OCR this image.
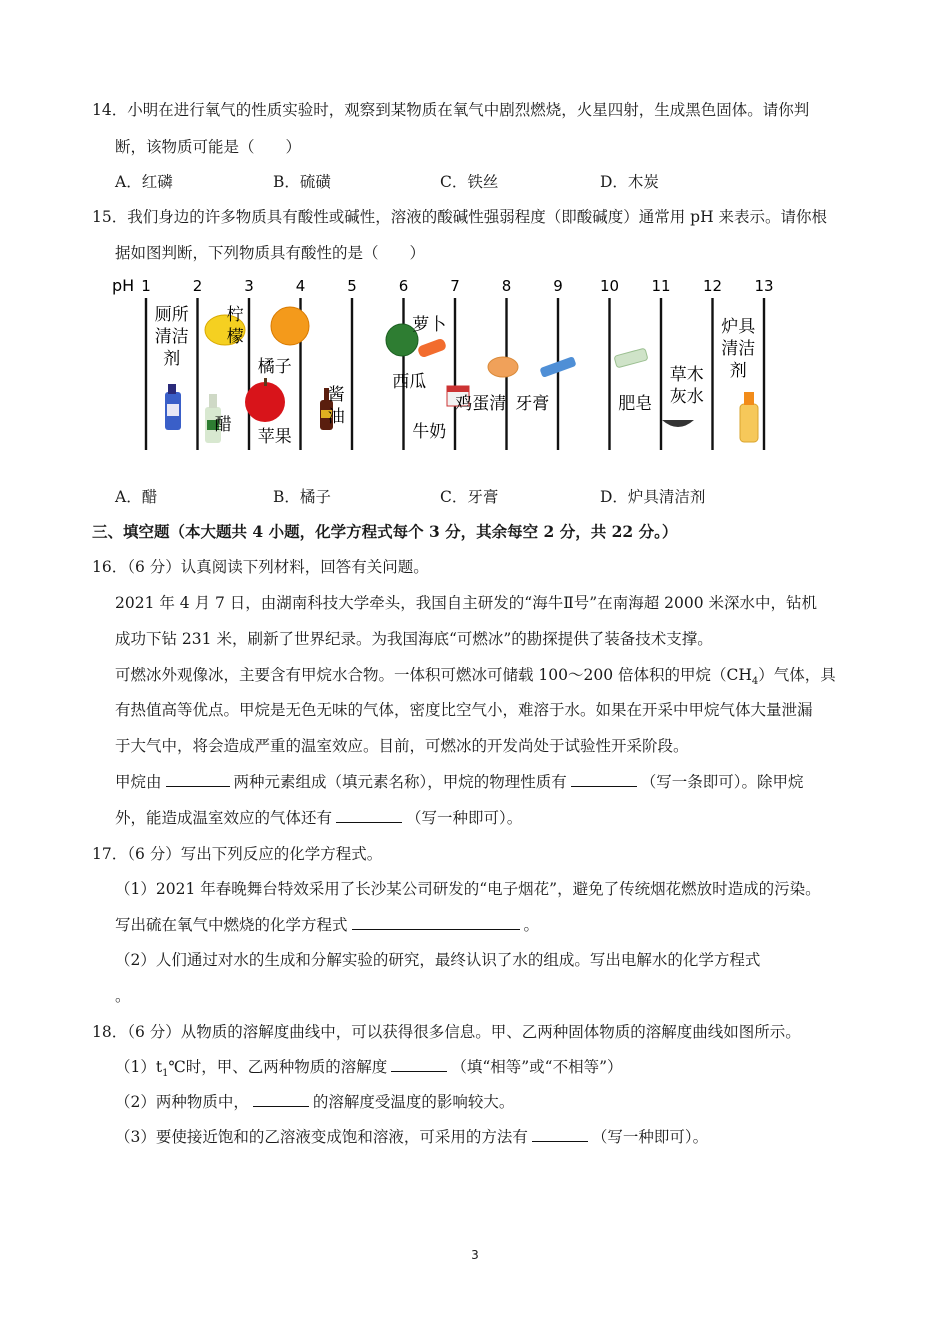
14．小明在进行氧气的性质实验时，观察到某物质在氧气中剧烈燃烧，火星四射，生成黑色固体。请你判
断，该物质可能是（　　）
A．红磷	B．硫磺	C．铁丝	D．木炭
15．我们身边的许多物质具有酸性或碱性，溶液的酸碱性强弱程度（即酸碱度）通常用 pH 来表示。请你根
据如图判断，下列物质具有酸性的是（　　）
pH 1	2	3	4	5	6	7	8	9 10 11 12 13
厕所清洁剂
醋
柠檬
苹果
橘子
酱油
西瓜
萝卜
牛奶
鸡蛋清 牙膏	肥皂
草木灰水
炉具清洁剂
A．醋	B．橘子	C．牙膏	D．炉具清洁剂
三、填空题（本大题共 4 小题，化学方程式每个 3 分，其余每空 2 分，共 22 分。）
16．（6 分）认真阅读下列材料，回答有关问题。
2021 年 4 月 7 日，由湖南科技大学牵头，我国自主研发的“海牛Ⅱ号”在南海超 2000 米深水中，钻机
成功下钻 231 米，刷新了世界纪录。为我国海底“可燃冰”的勘探提供了装备技术支撑。
可燃冰外观像冰，主要含有甲烷水合物。一体积可燃冰可储载 100～200 倍体积的甲烷$(CH_4)$气体，具
有热值高等优点。甲烷是无色无味的气体，密度比空气小，难溶于水。如果在开采中甲烷气体大量泄漏
于大气中，将会造成严重的温室效应。目前，可燃冰的开发尚处于试验性开采阶段。
甲烷由	两种元素组成（填元素名称），甲烷的物理性质有	（写一条即可）。除甲烷
外，能造成温室效应的气体还有	（写一种即可）。
17．（6 分）写出下列反应的化学方程式。
（1）2021 年春晚舞台特效采用了长沙某公司研发的“电子烟花”，避免了传统烟花燃放时造成的污染。
写出硫在氧气中燃烧的化学方程式	。
（2）人们通过对水的生成和分解实验的研究，最终认识了水的组成。写出电解水的化学方程式
。
18．（6 分）从物质的溶解度曲线中，可以获得很多信息。甲、乙两种固体物质的溶解度曲线如图所示。
$(1)t_1℃$时，甲、乙两种物质的溶解度	（填“相等”或“不相等”）
（2）两种物质中，	的溶解度受温度的影响较大。
（3）要使接近饱和的乙溶液变成饱和溶液，可采用的方法有	（写一种即可）。
3
